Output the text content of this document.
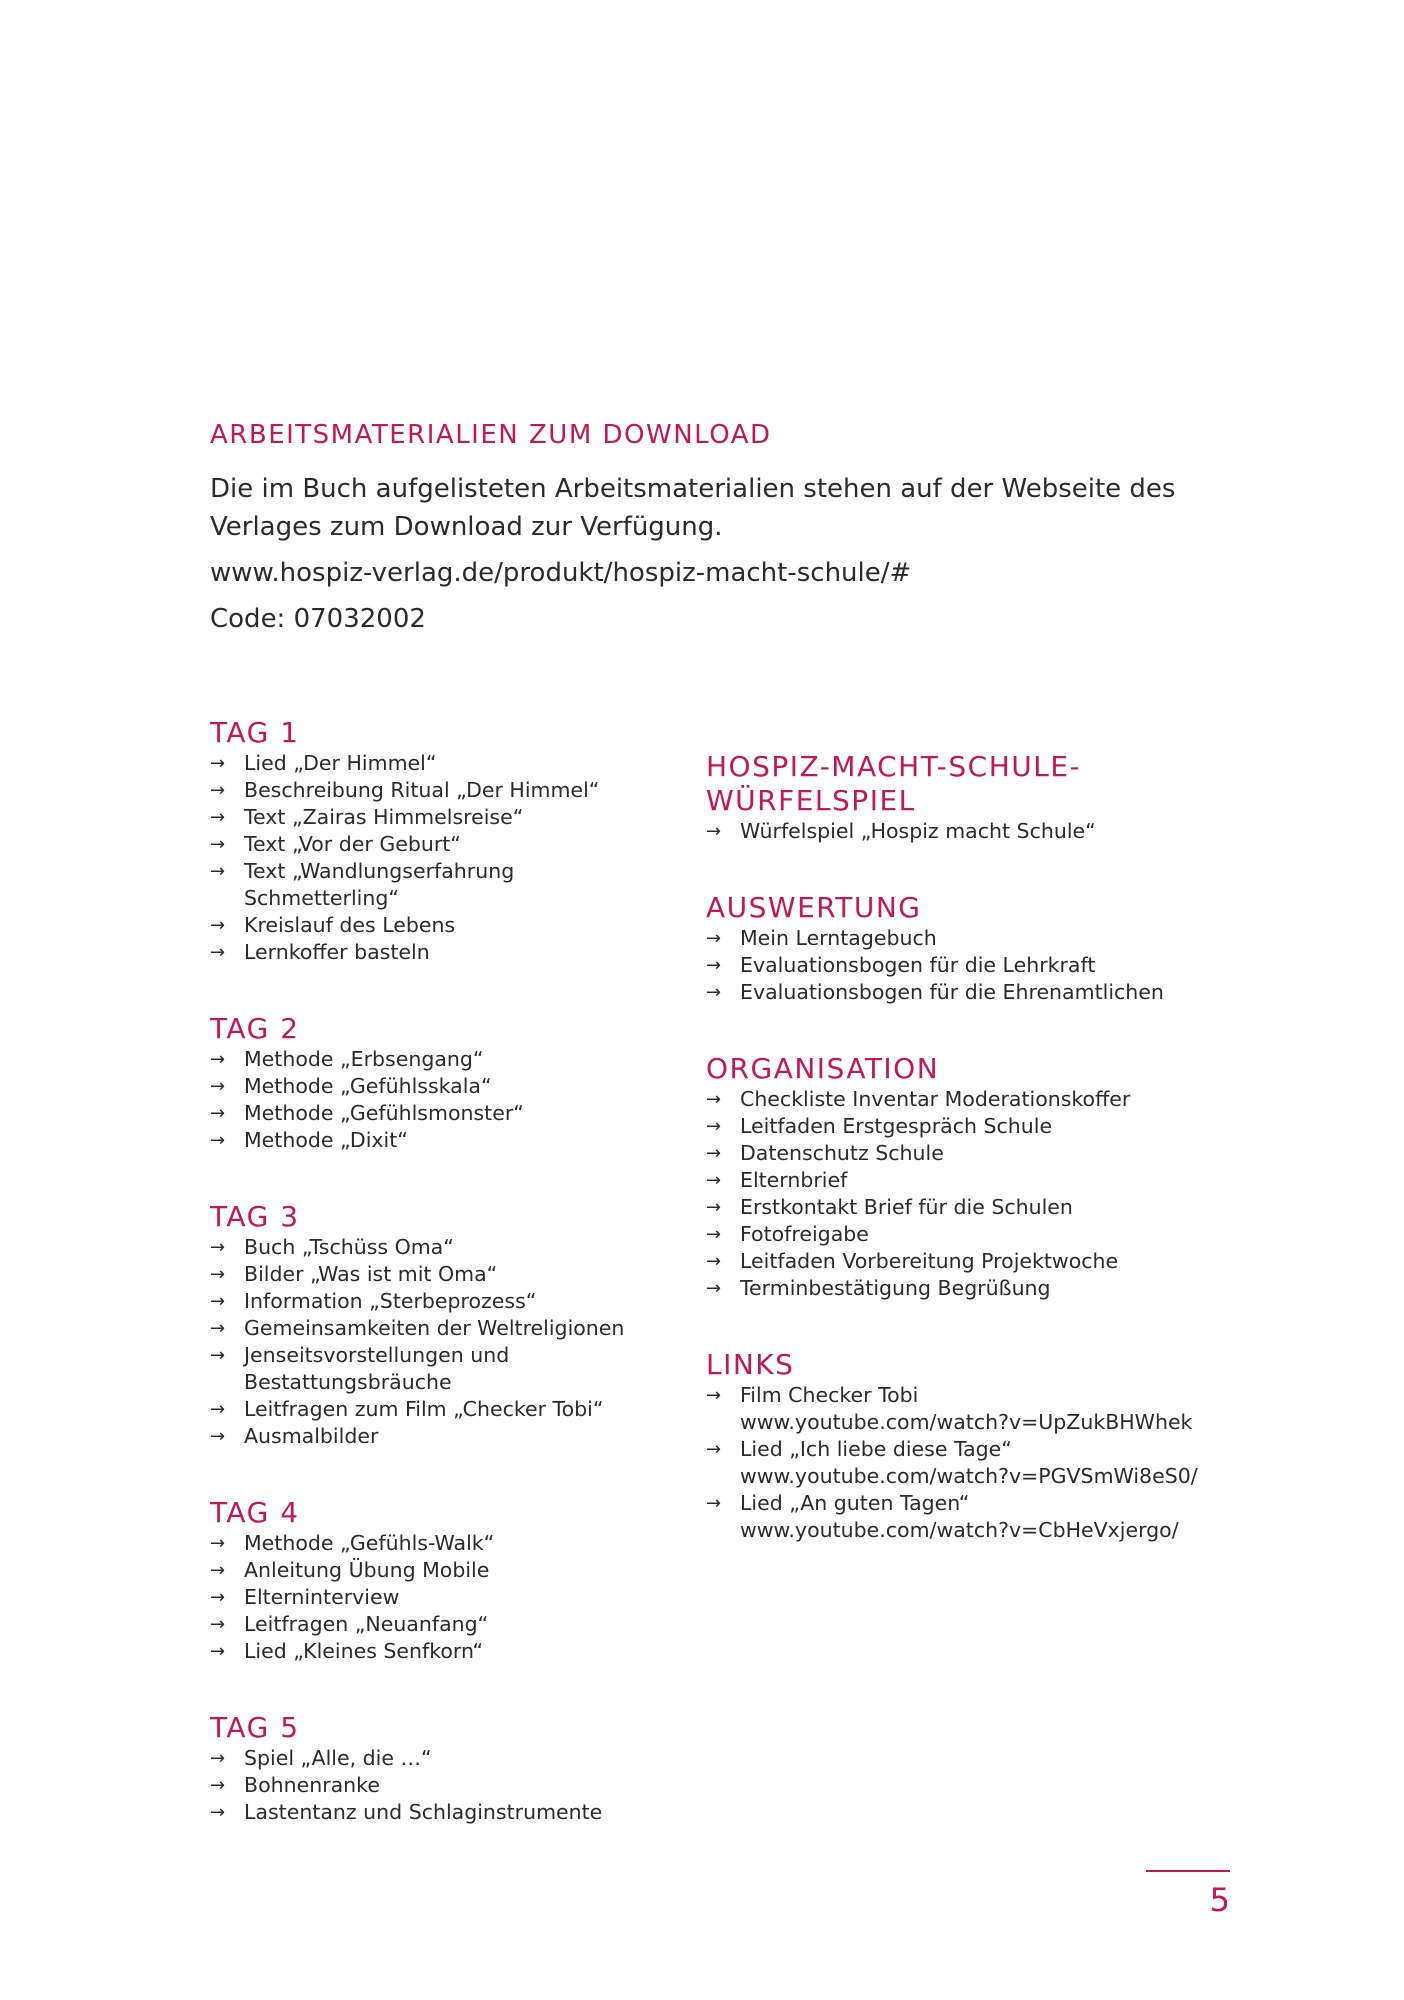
ARBEITSMATERIALIEN ZUM DOWNLOAD

Die im Buch aufgelisteten Arbeitsmaterialien stehen auf der Webseite des Verlages zum Download zur Verfügung.

www.hospiz-verlag.de/produkt/hospiz-macht-schule/#

Code: 07032002

TAG 1
→ Lied „Der Himmel“
→ Beschreibung Ritual „Der Himmel“
→ Text „Zairas Himmelsreise“
→ Text „Vor der Geburt“
→ Text „Wandlungserfahrung Schmetterling“
→ Kreislauf des Lebens
→ Lernkoffer basteln
TAG 2
→ Methode „Erbsengang“
→ Methode „Gefühlsskala“
→ Methode „Gefühlsmonster“
→ Methode „Dixit“
TAG 3
→ Buch „Tschüss Oma“
→ Bilder „Was ist mit Oma“
→ Information „Sterbeprozess“
→ Gemeinsamkeiten der Weltreligionen
→ Jenseitsvorstellungen und
Bestattungsbräuche
→ Leitfragen zum Film „Checker Tobi“
→ Ausmalbilder
TAG 4
→ Methode „Gefühls-Walk“
→ Anleitung Übung Mobile
→ Elterninterview
→ Leitfragen „Neuanfang“
→ Lied „Kleines Senfkorn“
TAG 5
→ Spiel „Alle, die …“
→ Bohnenranke
→ Lastentanz und Schlaginstrumente
HOSPIZ-MACHT-SCHULE-WÜRFELSPIEL
→ Würfelspiel „Hospiz macht Schule“
AUSWERTUNG
→ Mein Lerntagebuch
→ Evaluationsbogen für die Lehrkraft
→ Evaluationsbogen für die Ehrenamtlichen
ORGANISATION
→ Checkliste Inventar Moderationskoffer
→ Leitfaden Erstgespräch Schule
→ Datenschutz Schule
→ Elternbrief
→ Erstkontakt Brief für die Schulen
→ Fotofreigabe
→ Leitfaden Vorbereitung Projektwoche
→ Terminbestätigung Begrüßung
LINKS
→ Film Checker Tobi
www.youtube.com/watch?v=UpZukBHWhek
→ Lied „Ich liebe diese Tage“
www.youtube.com/watch?v=PGVSmWi8eS0/
→ Lied „An guten Tagen“
www.youtube.com/watch?v=CbHeVxjergo/
5
